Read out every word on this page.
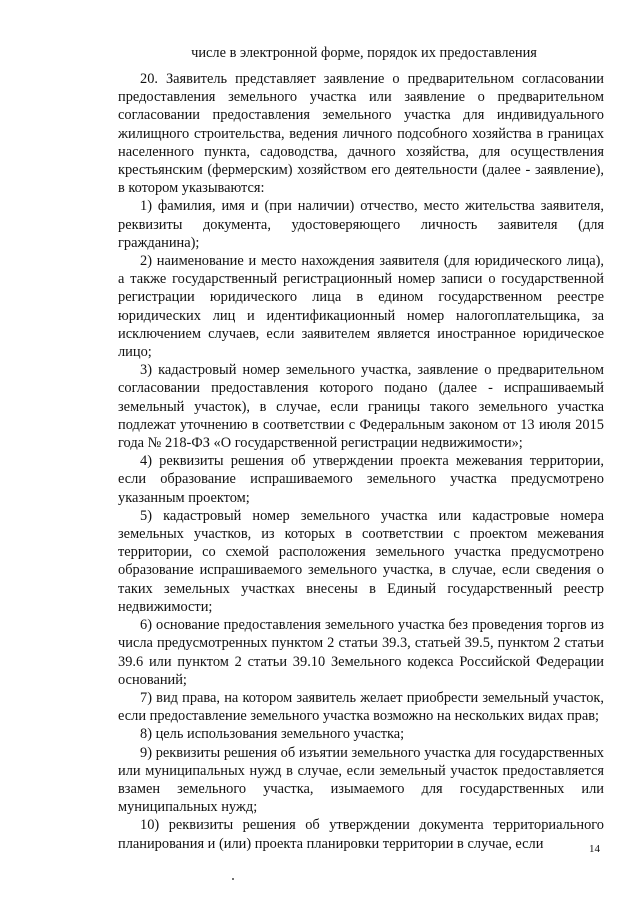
числе в электронной форме, порядок их предоставления

20. Заявитель представляет заявление о предварительном согласовании предоставления земельного участка или заявление о предварительном согласовании предоставления земельного участка для индивидуального жилищного строительства, ведения личного подсобного хозяйства в границах населенного пункта, садоводства, дачного хозяйства, для осуществления крестьянским (фермерским) хозяйством его деятельности (далее - заявление), в котором указываются:

1) фамилия, имя и (при наличии) отчество, место жительства заявителя, реквизиты документа, удостоверяющего личность заявителя (для гражданина);

2) наименование и место нахождения заявителя (для юридического лица), а также государственный регистрационный номер записи о государственной регистрации юридического лица в едином государственном реестре юридических лиц и идентификационный номер налогоплательщика, за исключением случаев, если заявителем является иностранное юридическое лицо;

3) кадастровый номер земельного участка, заявление о предварительном согласовании предоставления которого подано (далее - испрашиваемый земельный участок), в случае, если границы такого земельного участка подлежат уточнению в соответствии с Федеральным законом от 13 июля 2015 года № 218-ФЗ «О государственной регистрации недвижимости»;

4) реквизиты решения об утверждении проекта межевания территории, если образование испрашиваемого земельного участка предусмотрено указанным проектом;

5) кадастровый номер земельного участка или кадастровые номера земельных участков, из которых в соответствии с проектом межевания территории, со схемой расположения земельного участка предусмотрено образование испрашиваемого земельного участка, в случае, если сведения о таких земельных участках внесены в Единый государственный реестр недвижимости;

6) основание предоставления земельного участка без проведения торгов из числа предусмотренных пунктом 2 статьи 39.3, статьей 39.5, пунктом 2 статьи 39.6 или пунктом 2 статьи 39.10 Земельного кодекса Российской Федерации оснований;

7) вид права, на котором заявитель желает приобрести земельный участок, если предоставление земельного участка возможно на нескольких видах прав;

8) цель использования земельного участка;

9) реквизиты решения об изъятии земельного участка для государственных или муниципальных нужд в случае, если земельный участок предоставляется взамен земельного участка, изымаемого для государственных или муниципальных нужд;

10) реквизиты решения об утверждении документа территориального планирования и (или) проекта планировки территории в случае, если	14
